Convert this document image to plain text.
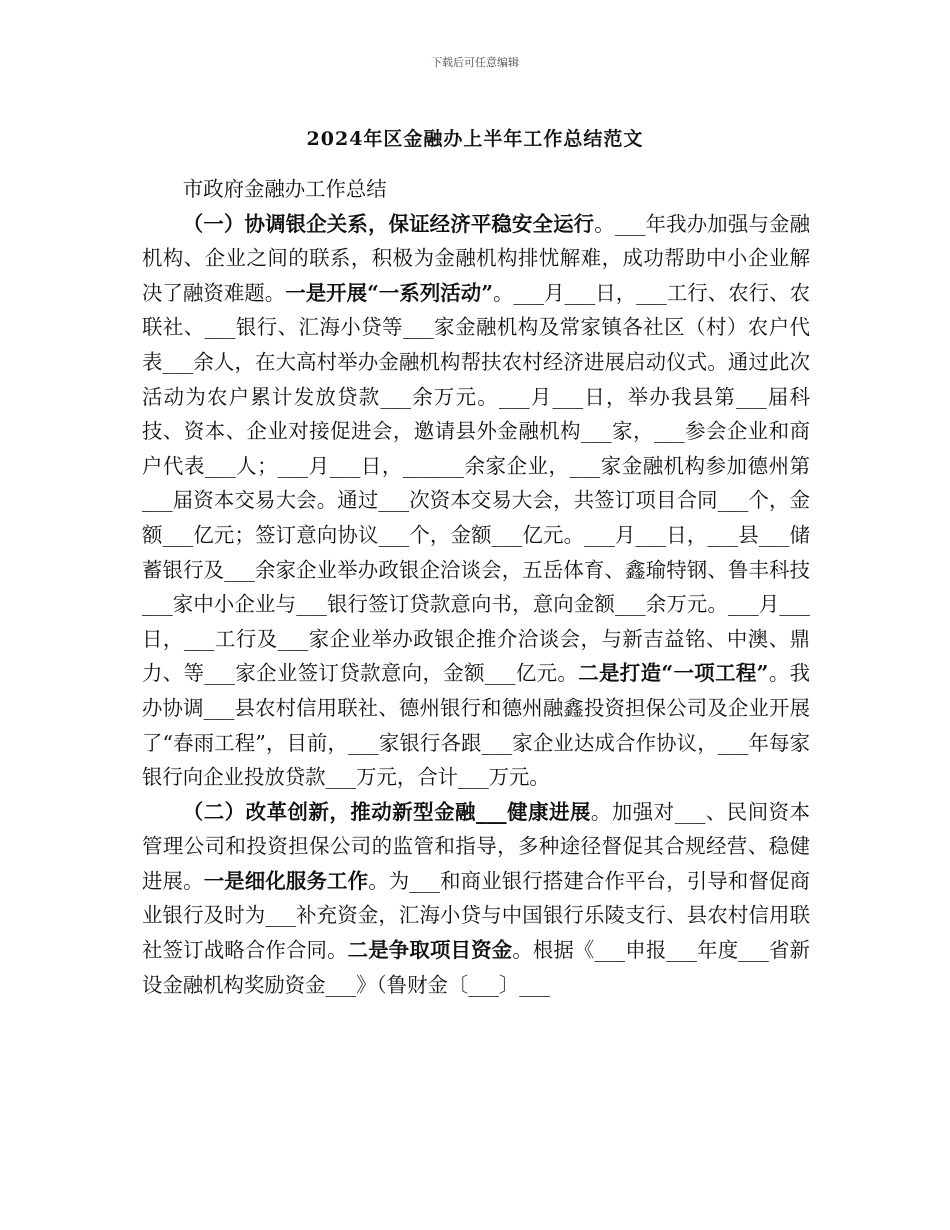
下载后可任意编辑
2024年区金融办上半年工作总结范文

市政府金融办工作总结

（一）协调银企关系，保证经济平稳安全运行。___年我办加强与金融机构、企业之间的联系，积极为金融机构排忧解难，成功帮助中小企业解决了融资难题。一是开展“一系列活动”。___月___日，___工行、农行、农联社、___银行、汇海小贷等___家金融机构及常家镇各社区（村）农户代表___余人，在大高村举办金融机构帮扶农村经济进展启动仪式。通过此次活动为农户累计发放贷款___余万元。___月___日，举办我县第___届科技、资本、企业对接促进会，邀请县外金融机构___家，___参会企业和商户代表___人；___月___日，______余家企业，___家金融机构参加德州第___届资本交易大会。通过___次资本交易大会，共签订项目合同___个，金额___亿元；签订意向协议___个，金额___亿元。___月___日，___县___储蓄银行及___余家企业举办政银企洽谈会，五岳体育、鑫瑜特钢、鲁丰科技___家中小企业与___银行签订贷款意向书，意向金额___余万元。___月___日，___工行及___家企业举办政银企推介洽谈会，与新吉益铭、中澳、鼎力、等___家企业签订贷款意向，金额___亿元。二是打造“一项工程”。我办协调___县农村信用联社、德州银行和德州融鑫投资担保公司及企业开展了“春雨工程”，目前，___家银行各跟___家企业达成合作协议，___年每家银行向企业投放贷款___万元，合计___万元。

（二）改革创新，推动新型金融___健康进展。加强对___、民间资本管理公司和投资担保公司的监管和指导，多种途径督促其合规经营、稳健进展。一是细化服务工作。为___和商业银行搭建合作平台，引导和督促商业银行及时为___补充资金，汇海小贷与中国银行乐陵支行、县农村信用联社签订战略合作合同。二是争取项目资金。根据《___申报___年度___省新设金融机构奖励资金___》（鲁财金〔___〕___
